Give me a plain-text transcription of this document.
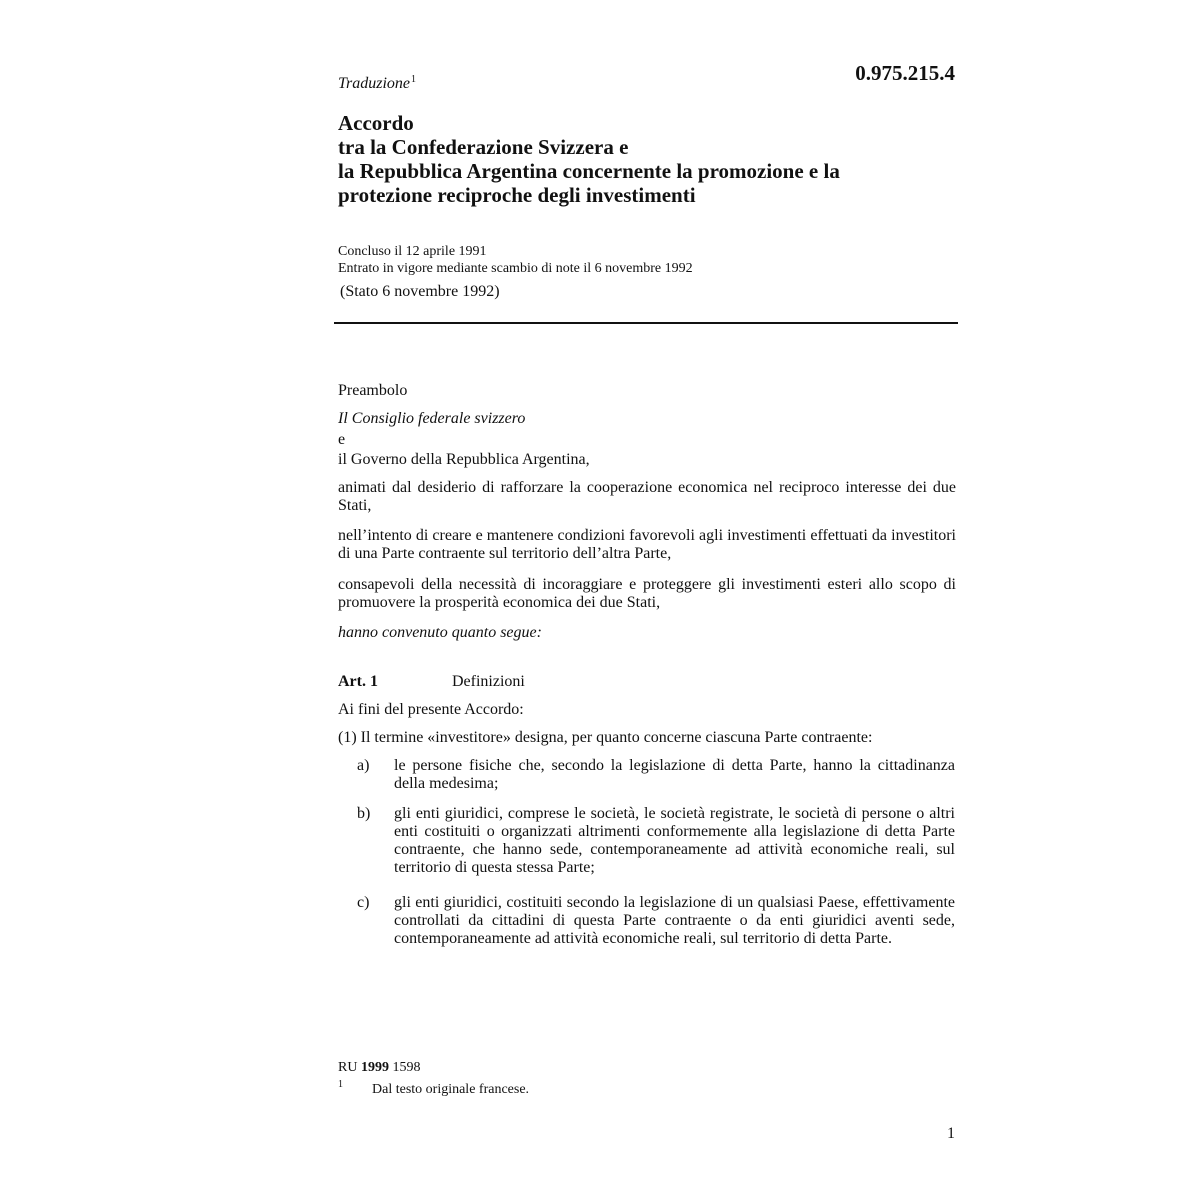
Traduzione$^1$	0.975.215.4
Accordo
tra la Confederazione Svizzera e
la Repubblica Argentina concernente la promozione e la
protezione reciproche degli investimenti
Concluso il 12 aprile 1991
Entrato in vigore mediante scambio di note il 6 novembre 1992
(Stato 6 novembre 1992)
Preambolo
Il Consiglio federale svizzero
e
il Governo della Repubblica Argentina,
animati dal desiderio di rafforzare la cooperazione economica nel reciproco interesse dei due Stati,
nell’intento di creare e mantenere condizioni favorevoli agli investimenti effettuati da investitori di una Parte contraente sul territorio dell’altra Parte,
consapevoli della necessità di incoraggiare e proteggere gli investimenti esteri allo scopo di promuovere la prosperità economica dei due Stati,
hanno convenuto quanto segue:
Art. 1	Definizioni
Ai fini del presente Accordo:
(1) Il termine «investitore» designa, per quanto concerne ciascuna Parte contraente:
a) le persone fisiche che, secondo la legislazione di detta Parte, hanno la cittadinanza della medesima;
b) gli enti giuridici, comprese le società, le società registrate, le società di persone o altri enti costituiti o organizzati altrimenti conformemente alla legislazione di detta Parte contraente, che hanno sede, contemporaneamente ad attività economiche reali, sul territorio di questa stessa Parte;
c) gli enti giuridici, costituiti secondo la legislazione di un qualsiasi Paese, effettivamente controllati da cittadini di questa Parte contraente o da enti giuridici aventi sede, contemporaneamente ad attività economiche reali, sul territorio di detta Parte.
RU 1999 1598
1 Dal testo originale francese.
1
